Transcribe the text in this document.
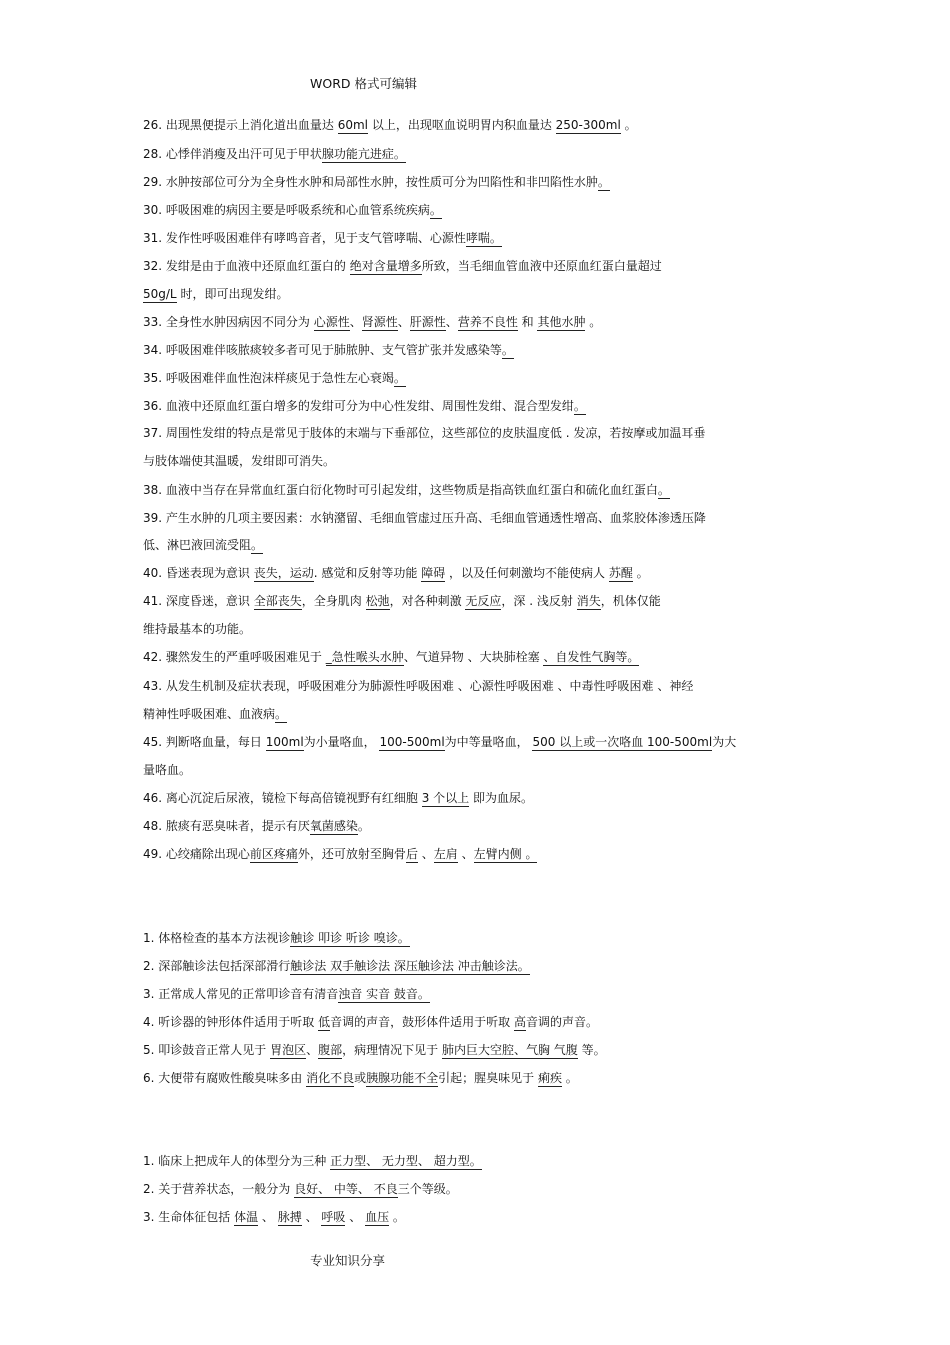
WORD 格式可编辑
26. 出现黑便提示上消化道出血量达 60ml 以上，出现呕血说明胃内积血量达 250-300ml 。
28. 心悸伴消瘦及出汗可见于甲状腺功能亢进症。
29. 水肿按部位可分为全身性水肿和局部性水肿，按性质可分为凹陷性和非凹陷性水肿。
30. 呼吸困难的病因主要是呼吸系统和心血管系统疾病。
31. 发作性呼吸困难伴有哮鸣音者，见于支气管哮喘、心源性哮喘。
32. 发绀是由于血液中还原血红蛋白的 绝对含量增多所致，当毛细血管血液中还原血红蛋白量超过
50g/L 时，即可出现发绀。
33. 全身性水肿因病因不同分为 心源性、肾源性、肝源性、营养不良性 和 其他水肿 。
34. 呼吸困难伴咳脓痰较多者可见于肺脓肿、支气管扩张并发感染等。
35. 呼吸困难伴血性泡沫样痰见于急性左心衰竭。
36. 血液中还原血红蛋白增多的发绀可分为中心性发绀、周围性发绀、混合型发绀。
37. 周围性发绀的特点是常见于肢体的末端与下垂部位，这些部位的皮肤温度低 . 发凉，若按摩或加温耳垂
与肢体端使其温暖，发绀即可消失。
38. 血液中当存在异常血红蛋白衍化物时可引起发绀，这些物质是指高铁血红蛋白和硫化血红蛋白。
39. 产生水肿的几项主要因素：水钠潴留、毛细血管虚过压升高、毛细血管通透性增高、血浆胶体渗透压降
低、淋巴液回流受阻。
40. 昏迷表现为意识 丧失，运动. 感觉和反射等功能 障碍 ，以及任何刺激均不能使病人 苏醒 。
41. 深度昏迷，意识 全部丧失，全身肌肉 松弛，对各种刺激 无反应，深 . 浅反射 消失，机体仅能
维持最基本的功能。
42. 骤然发生的严重呼吸困难见于 _急性喉头水肿、气道异物 、大块肺栓塞 、自发性气胸等。
43. 从发生机制及症状表现，呼吸困难分为肺源性呼吸困难 、心源性呼吸困难 、中毒性呼吸困难 、神经
精神性呼吸困难、血液病。
45. 判断咯血量，每日 100ml为小量咯血， 100-500ml为中等量咯血， 500 以上或一次咯血 100-500ml为大
量咯血。
46. 离心沉淀后尿液，镜检下每高倍镜视野有红细胞 3 个以上 即为血尿。
48. 脓痰有恶臭味者，提示有厌氧菌感染。
49. 心绞痛除出现心前区疼痛外，还可放射至胸骨后 、左肩 、左臂内侧 。
1. 体格检查的基本方法视诊触诊 叩诊 听诊 嗅诊。
2. 深部触诊法包括深部滑行触诊法 双手触诊法 深压触诊法 冲击触诊法。
3. 正常成人常见的正常叩诊音有清音浊音 实音 鼓音。
4. 听诊器的钟形体件适用于听取 低音调的声音，鼓形体件适用于听取 高音调的声音。
5. 叩诊鼓音正常人见于 胃泡区、腹部，病理情况下见于 肺内巨大空腔、气胸 气腹 等。
6. 大便带有腐败性酸臭味多由 消化不良或胰腺功能不全引起；腥臭味见于 痢疾 。
1. 临床上把成年人的体型分为三种 正力型、 无力型、 超力型。
2. 关于营养状态，一般分为 良好、 中等、 不良三个等级。
3. 生命体征包括 体温 、 脉搏 、 呼吸 、 血压 。
专业知识分享
